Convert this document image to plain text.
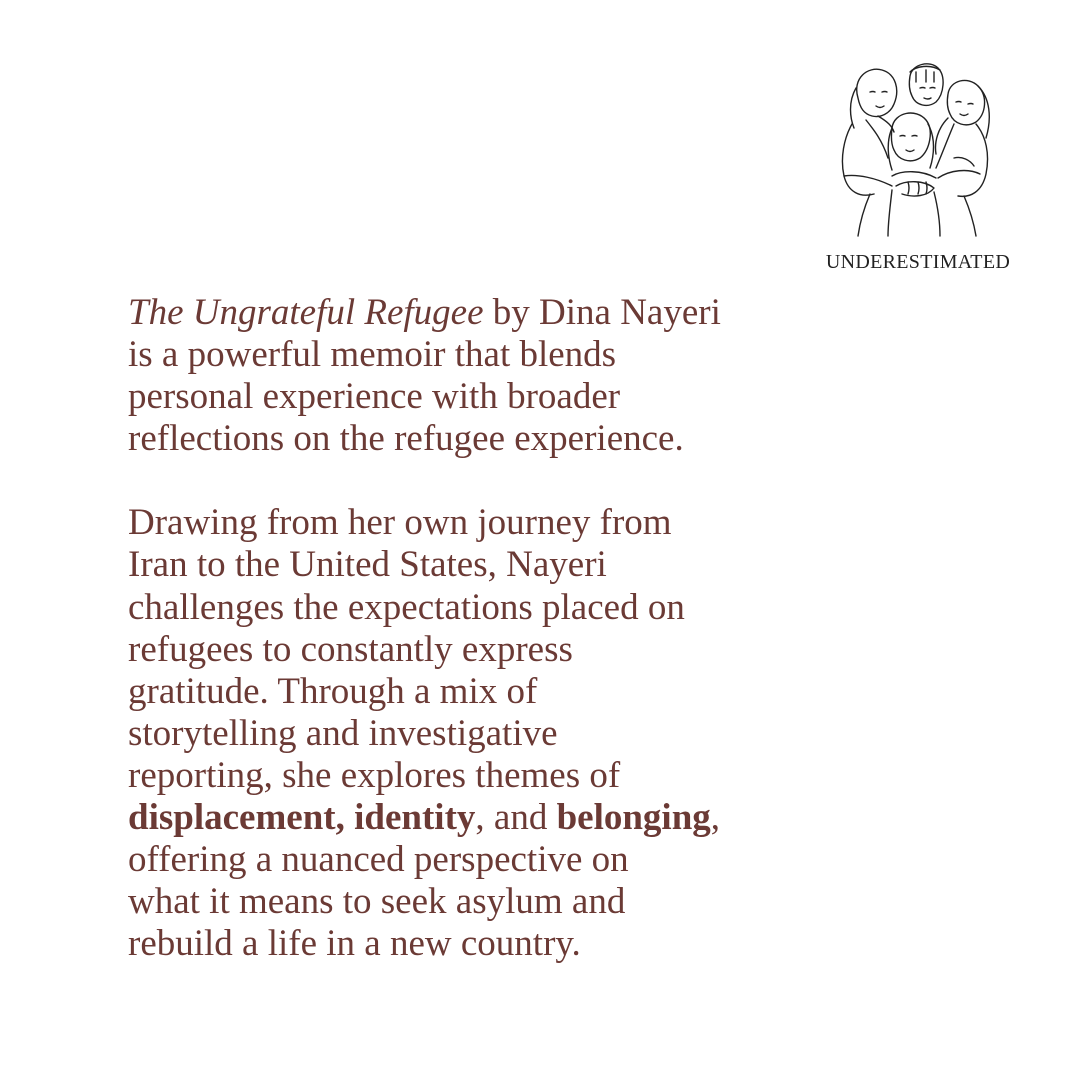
UNDERESTIMATED

The Ungrateful Refugee by Dina Nayeri
is a powerful memoir that blends
personal experience with broader
reflections on the refugee experience.

Drawing from her own journey from
Iran to the United States, Nayeri
challenges the expectations placed on
refugees to constantly express
gratitude. Through a mix of
storytelling and investigative
reporting, she explores themes of
displacement, identity, and belonging,
offering a nuanced perspective on
what it means to seek asylum and
rebuild a life in a new country.
